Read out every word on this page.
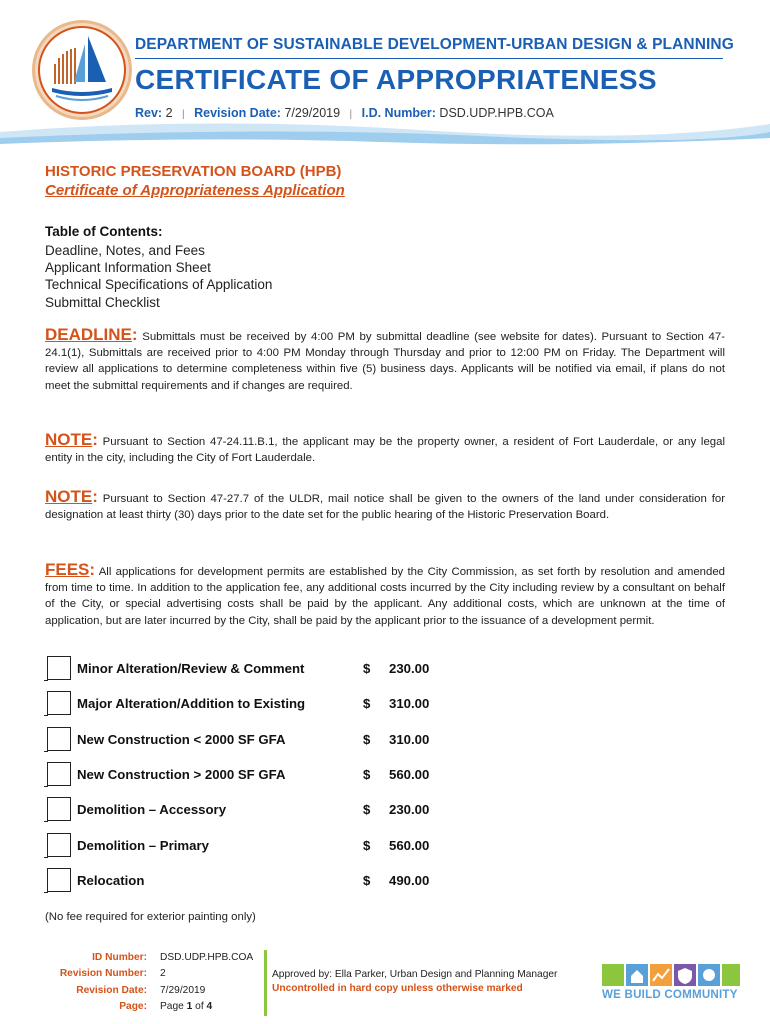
DEPARTMENT OF SUSTAINABLE DEVELOPMENT-URBAN DESIGN & PLANNING
CERTIFICATE OF APPROPRIATENESS
Rev: 2 | Revision Date: 7/29/2019 | I.D. Number: DSD.UDP.HPB.COA
HISTORIC PRESERVATION BOARD (HPB)
Certificate of Appropriateness Application
Table of Contents:
Deadline, Notes, and Fees
Applicant Information Sheet
Technical Specifications of Application
Submittal Checklist
DEADLINE: Submittals must be received by 4:00 PM by submittal deadline (see website for dates). Pursuant to Section 47-24.1(1), Submittals are received prior to 4:00 PM Monday through Thursday and prior to 12:00 PM on Friday. The Department will review all applications to determine completeness within five (5) business days. Applicants will be notified via email, if plans do not meet the submittal requirements and if changes are required.
NOTE: Pursuant to Section 47-24.11.B.1, the applicant may be the property owner, a resident of Fort Lauderdale, or any legal entity in the city, including the City of Fort Lauderdale.
NOTE: Pursuant to Section 47-27.7 of the ULDR, mail notice shall be given to the owners of the land under consideration for designation at least thirty (30) days prior to the date set for the public hearing of the Historic Preservation Board.
FEES: All applications for development permits are established by the City Commission, as set forth by resolution and amended from time to time. In addition to the application fee, any additional costs incurred by the City including review by a consultant on behalf of the City, or special advertising costs shall be paid by the applicant. Any additional costs, which are unknown at the time of application, but are later incurred by the City, shall be paid by the applicant prior to the issuance of a development permit.
Minor Alteration/Review & Comment	$ 230.00
Major Alteration/Addition to Existing	$ 310.00
New Construction < 2000 SF GFA	$ 310.00
New Construction > 2000 SF GFA	$ 560.00
Demolition – Accessory	$ 230.00
Demolition – Primary	$ 560.00
Relocation	$ 490.00
(No fee required for exterior painting only)
ID Number: DSD.UDP.HPB.COA
Revision Number: 2
Revision Date: 7/29/2019
Page: Page 1 of 4
Approved by: Ella Parker, Urban Design and Planning Manager
Uncontrolled in hard copy unless otherwise marked	WE BUILD COMMUNITY
